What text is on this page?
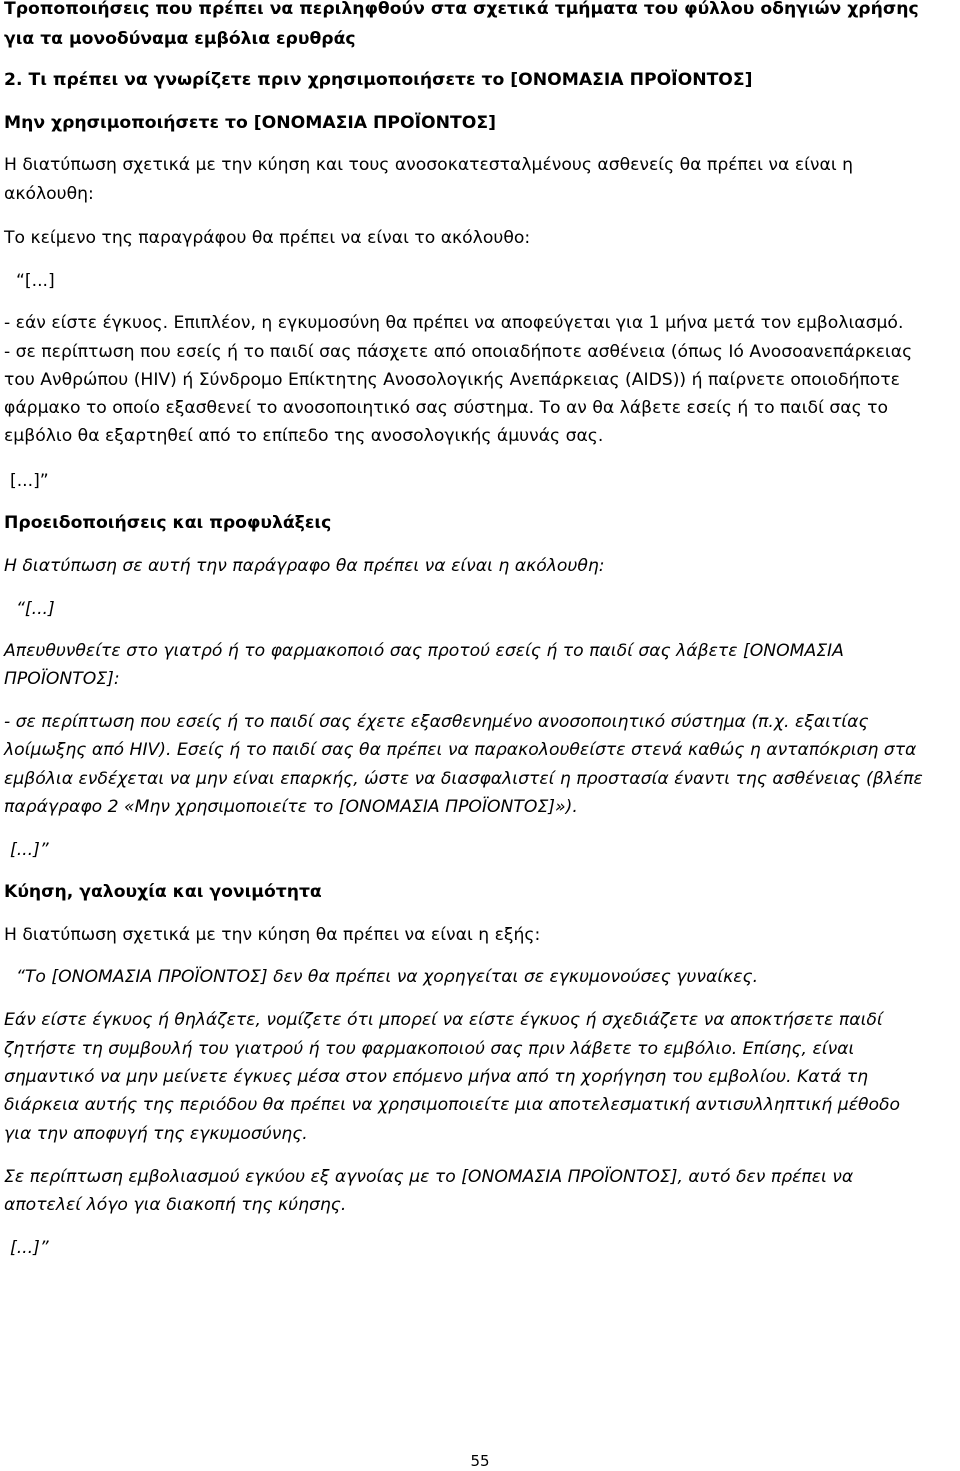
Τροποποιήσεις που πρέπει να περιληφθούν στα σχετικά τμήματα του φύλλου οδηγιών χρήσης
για τα μονοδύναμα εμβόλια ερυθράς
2. Τι πρέπει να γνωρίζετε πριν χρησιμοποιήσετε το [ΟΝΟΜΑΣΙΑ ΠΡΟΪΟΝΤΟΣ]
Μην χρησιμοποιήσετε το [ΟΝΟΜΑΣΙΑ ΠΡΟΪΟΝΤΟΣ]
Η διατύπωση σχετικά με την κύηση και τους ανοσοκατεσταλμένους ασθενείς θα πρέπει να είναι η
ακόλουθη:
Το κείμενο της παραγράφου θα πρέπει να είναι το ακόλουθο:
“[...]
- εάν είστε έγκυος. Επιπλέον, η εγκυμοσύνη θα πρέπει να αποφεύγεται για 1 μήνα μετά τον εμβολιασμό.
- σε περίπτωση που εσείς ή το παιδί σας πάσχετε από οποιαδήποτε ασθένεια (όπως Ιό Ανοσοανεπάρκειας
του Ανθρώπου (HIV) ή Σύνδρομο Επίκτητης Ανοσολογικής Ανεπάρκειας (AIDS)) ή παίρνετε οποιοδήποτε
φάρμακο το οποίο εξασθενεί το ανοσοποιητικό σας σύστημα. Το αν θα λάβετε εσείς ή το παιδί σας το
εμβόλιο θα εξαρτηθεί από το επίπεδο της ανοσολογικής άμυνάς σας.
[...]”
Προειδοποιήσεις και προφυλάξεις
Η διατύπωση σε αυτή την παράγραφο θα πρέπει να είναι η ακόλουθη:
“[...]
Απευθυνθείτε στο γιατρό ή το φαρμακοποιό σας προτού εσείς ή το παιδί σας λάβετε [ΟΝΟΜΑΣΙΑ
ΠΡΟΪΟΝΤΟΣ]:
- σε περίπτωση που εσείς ή το παιδί σας έχετε εξασθενημένο ανοσοποιητικό σύστημα (π.χ. εξαιτίας
λοίμωξης από HIV). Εσείς ή το παιδί σας θα πρέπει να παρακολουθείστε στενά καθώς η ανταπόκριση στα
εμβόλια ενδέχεται να μην είναι επαρκής, ώστε να διασφαλιστεί η προστασία έναντι της ασθένειας (βλέπε
παράγραφο 2 «Μην χρησιμοποιείτε το [ΟΝΟΜΑΣΙΑ ΠΡΟΪΟΝΤΟΣ]»).
[...]”
Κύηση, γαλουχία και γονιμότητα
Η διατύπωση σχετικά με την κύηση θα πρέπει να είναι η εξής:
“Το [ΟΝΟΜΑΣΙΑ ΠΡΟΪΟΝΤΟΣ] δεν θα πρέπει να χορηγείται σε εγκυμονούσες γυναίκες.
Εάν είστε έγκυος ή θηλάζετε, νομίζετε ότι μπορεί να είστε έγκυος ή σχεδιάζετε να αποκτήσετε παιδί
ζητήστε τη συμβουλή του γιατρού ή του φαρμακοποιού σας πριν λάβετε το εμβόλιο. Επίσης, είναι
σημαντικό να μην μείνετε έγκυες μέσα στον επόμενο μήνα από τη χορήγηση του εμβολίου. Κατά τη
διάρκεια αυτής της περιόδου θα πρέπει να χρησιμοποιείτε μια αποτελεσματική αντισυλληπτική μέθοδο
για την αποφυγή της εγκυμοσύνης.
Σε περίπτωση εμβολιασμού εγκύου εξ αγνοίας με το [ΟΝΟΜΑΣΙΑ ΠΡΟΪΟΝΤΟΣ], αυτό δεν πρέπει να
αποτελεί λόγο για διακοπή της κύησης.
[...]”
55
